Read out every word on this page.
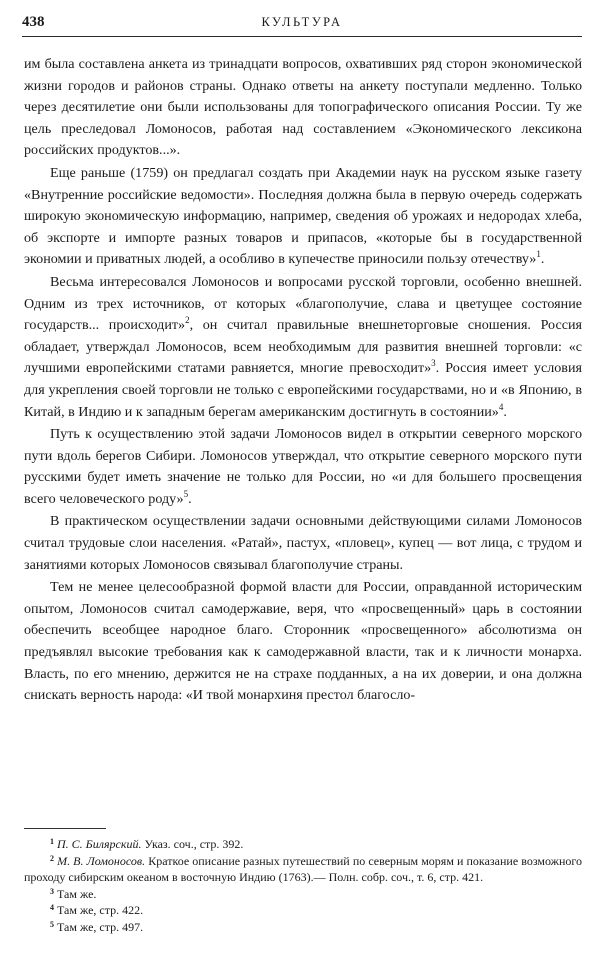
438	КУЛЬТУРА

им была составлена анкета из тринадцати вопросов, охвативших ряд сторон экономической жизни городов и районов страны. Однако ответы на анкету поступали медленно. Только через десятилетие они были использованы для топографического описания России. Ту же цель преследовал Ломоносов, работая над составлением «Экономического лексикона российских продуктов...».

Еще раньше (1759) он предлагал создать при Академии наук на русском языке газету «Внутренние российские ведомости». Последняя должна была в первую очередь содержать широкую экономическую информацию, например, сведения об урожаях и недородах хлеба, об экспорте и импорте разных товаров и припасов, «которые бы в государственной экономии и приватных людей, а особливо в купечестве приносили пользу отечеству»$^1$.

Весьма интересовался Ломоносов и вопросами русской торговли, особенно внешней. Одним из трех источников, от которых «благополучие, слава и цветущее состояние государств... происходит»$^2$, он считал правильные внешнеторговые сношения. Россия обладает, утверждал Ломоносов, всем необходимым для развития внешней торговли: «с лучшими европейскими статами равняется, многие превосходит»$^3$. Россия имеет условия для укрепления своей торговли не только с европейскими государствами, но и «в Японию, в Китай, в Индию и к западным берегам американским достигнуть в состоянии»$^4$.

Путь к осуществлению этой задачи Ломоносов видел в открытии северного морского пути вдоль берегов Сибири. Ломоносов утверждал, что открытие северного морского пути русскими будет иметь значение не только для России, но «и для большего просвещения всего человеческого роду»$^5$.

В практическом осуществлении задачи основными действующими силами Ломоносов считал трудовые слои населения. «Ратай», пастух, «пловец», купец — вот лица, с трудом и занятиями которых Ломоносов связывал благополучие страны.

Тем не менее целесообразной формой власти для России, оправданной историческим опытом, Ломоносов считал самодержавие, веря, что «просвещенный» царь в состоянии обеспечить всеобщее народное благо. Сторонник «просвещенного» абсолютизма он предъявлял высокие требования как к самодержавной власти, так и к личности монарха. Власть, по его мнению, держится не на страхе подданных, а на их доверии, и она должна снискать верность народа: «И твой монархиня престол благосло-

$^1$ П. С. Билярский. Указ. соч., стр. 392.

$^2$ М. В. Ломоносов. Краткое описание разных путешествий по северным морям и показание возможного проходу сибирским океаном в восточную Индию (1763).— Полн. собр. соч., т. 6, стр. 421.

$^3$ Там же.

$^4$ Там же, стр. 422.

$^5$ Там же, стр. 497.
